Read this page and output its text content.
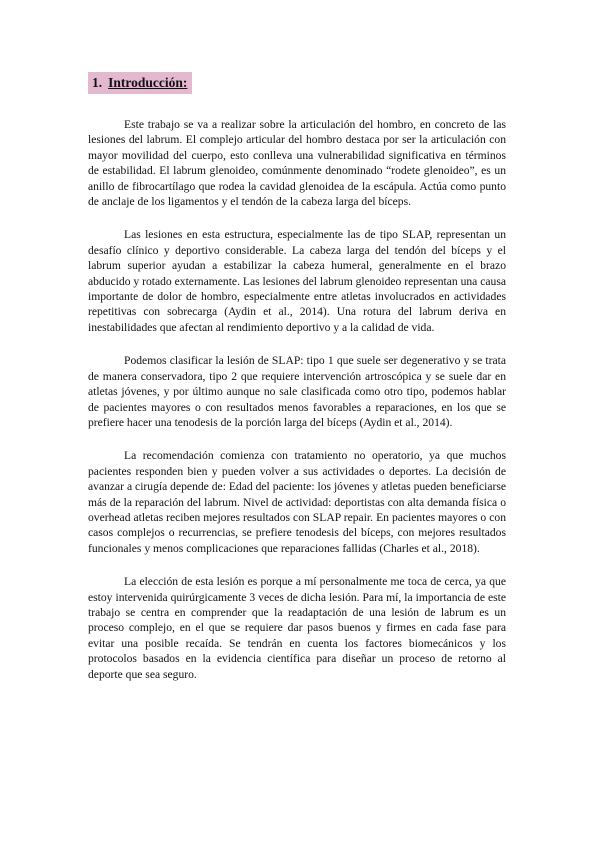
1. Introducción:

Este trabajo se va a realizar sobre la articulación del hombro, en concreto de las lesiones del labrum. El complejo articular del hombro destaca por ser la articulación con mayor movilidad del cuerpo, esto conlleva una vulnerabilidad significativa en términos de estabilidad. El labrum glenoideo, comúnmente denominado “rodete glenoideo”, es un anillo de fibrocartílago que rodea la cavidad glenoidea de la escápula. Actúa como punto de anclaje de los ligamentos y el tendón de la cabeza larga del bíceps.

Las lesiones en esta estructura, especialmente las de tipo SLAP, representan un desafío clínico y deportivo considerable. La cabeza larga del tendón del bíceps y el labrum superior ayudan a estabilizar la cabeza humeral, generalmente en el brazo abducido y rotado externamente. Las lesiones del labrum glenoideo representan una causa importante de dolor de hombro, especialmente entre atletas involucrados en actividades repetitivas con sobrecarga (Aydin et al., 2014). Una rotura del labrum deriva en inestabilidades que afectan al rendimiento deportivo y a la calidad de vida.

Podemos clasificar la lesión de SLAP: tipo 1 que suele ser degenerativo y se trata de manera conservadora, tipo 2 que requiere intervención artroscópica y se suele dar en atletas jóvenes, y por último aunque no sale clasificada como otro tipo, podemos hablar de pacientes mayores o con resultados menos favorables a reparaciones, en los que se prefiere hacer una tenodesis de la porción larga del bíceps (Aydin et al., 2014).

La recomendación comienza con tratamiento no operatorio, ya que muchos pacientes responden bien y pueden volver a sus actividades o deportes. La decisión de avanzar a cirugía depende de: Edad del paciente: los jóvenes y atletas pueden beneficiarse más de la reparación del labrum. Nivel de actividad: deportistas con alta demanda física o overhead atletas reciben mejores resultados con SLAP repair. En pacientes mayores o con casos complejos o recurrencias, se prefiere tenodesis del bíceps, con mejores resultados funcionales y menos complicaciones que reparaciones fallidas (Charles et al., 2018).

La elección de esta lesión es porque a mí personalmente me toca de cerca, ya que estoy intervenida quirúrgicamente 3 veces de dicha lesión. Para mí, la importancia de este trabajo se centra en comprender que la readaptación de una lesión de labrum es un proceso complejo, en el que se requiere dar pasos buenos y firmes en cada fase para evitar una posible recaída. Se tendrán en cuenta los factores biomecánicos y los protocolos basados en la evidencia científica para diseñar un proceso de retorno al deporte que sea seguro.
